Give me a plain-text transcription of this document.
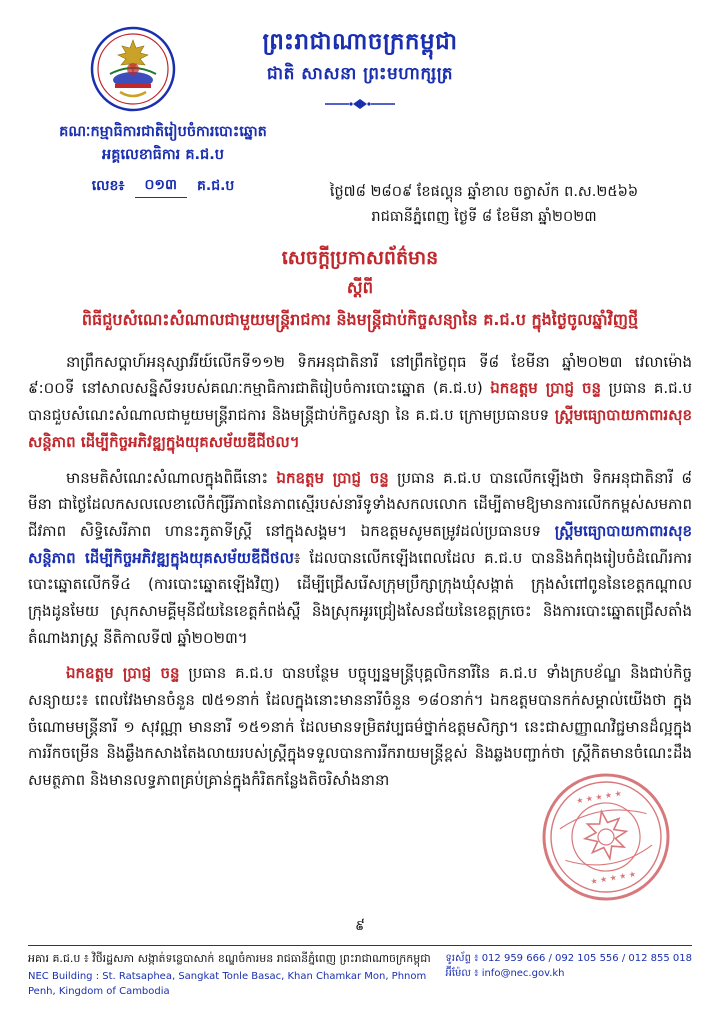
ព្រះរាជាណាចក្រកម្ពុជា
ជាតិ សាសនា ព្រះមហាក្សត្រ
គណៈកម្មាធិការជាតិរៀបចំការបោះឆ្នោត
អគ្គលេខាធិការ គ.ជ.ប
លេខ៖	០១៣	គ.ជ.ប	ថ្ងៃ៧៨ ២៨០៩ ខែផល្គុន ឆ្នាំខាល ចត្វាស័ក ព.ស.២៥៦៦
រាជធានីភ្នំពេញ ថ្ងៃទី ៨ ខែមីនា ឆ្នាំ២០២៣
សេចក្តីប្រកាសព័ត៌មាន
ស្តីពី
ពិធីជួបសំណេះសំណាលជាមួយមន្ត្រីរាជការ និងមន្ត្រីជាប់កិច្ចសន្យានៃ គ.ជ.ប ក្នុងថ្ងៃចូលឆ្នាំវិញថ្មី

នាព្រឹកសប្តាហ៍អនុស្សាវរីយ៍លើកទី១១២ ទិកអនុជាតិនារី នៅព្រឹកថ្ងៃពុធ ទី៨ ខែមីនា ឆ្នាំ២០២៣ វេលាម៉ោង ៩:០០ទី នៅសាលសន្និសីទរបស់គណៈកម្មាធិការជាតិរៀបចំការបោះឆ្នោត (គ.ជ.ប) ឯកឧត្តម ប្រាជ្ញ ចន្ទ ប្រធាន គ.ជ.ប បានជួបសំណេះសំណាលជាមួយមន្ត្រីរាជការ និងមន្ត្រីជាប់កិច្ចសន្យា នៃ គ.ជ.ប ក្រោមប្រធានបទ ស្ត្រីមធ្យោបាយកាពារសុខសន្តិភាព ដើម្បីកិច្ចអភិវឌ្ឍក្នុងយុគសម័យឌីជីថល។

មានមតិសំណេះសំណាលក្នុងពិធីនោះ ឯកឧត្តម ប្រាជ្ញ ចន្ទ ប្រធាន គ.ជ.ប បានលើកឡើងថា ទិកអនុជាតិនារី ៨ មីនា ជាថ្ងៃដែលកសលលេខាលើកំព្សីរីភាពនៃភាពស្មើរបស់នារីទូទាំងសកលលោក ដើម្បីតាមឱ្យមានការលើកកម្ពស់សមភាពជីវភាព សិទ្ធិសេរីភាព ហានះភូតាទីស្ត្រី នៅក្នុងសង្គម។ ឯកឧត្តមសូមតម្រូវដល់ប្រធានបទ ស្ត្រីមធ្យោបាយកាពារសុខសន្តិភាព ដើម្បីកិច្ចអភិវឌ្ឍក្នុងយុគសម័យឌីជីថល៖ ដែលបានលើកឡើងពេលដែល គ.ជ.ប បាននិងកំពុងរៀបចំដំណើរការបោះឆ្នោតលើកទី៤ (ការបោះឆ្នោតឡើងវិញ) ដើម្បីជ្រើសរើសក្រុមប្រឹក្សាក្រុងឃុំសង្កាត់ ក្រុងសំពៅពូននៃខេត្តកណ្តាល ក្រុងដូនមែយ ស្រុកសាមគ្គីមុនីជ័យនៃខេត្តកំពង់ស្ពឺ និងស្រុកអូរជ្រៀងសែនជ័យនៃខេត្តក្រចេះ និងការបោះឆ្នោតជ្រើសតាំងតំណាងរាស្ត្រ នីតិកាលទី៧ ឆ្នាំ២០២៣។

ឯកឧត្តម ប្រាជ្ញ ចន្ទ ប្រធាន គ.ជ.ប បានបន្ថែម បច្ចុប្បន្នមន្ត្រីបុគ្គលិកនារីនៃ គ.ជ.ប ទាំងក្របខ័ណ្ឌ និងជាប់កិច្ចសន្យាយះ៖ ពេលវែងមានចំនួន ៧៥១នាក់ ដែលក្នុងនោះមាននារីចំនួន ១៨០នាក់។ ឯកឧត្តមបានកក់សម្គាល់យើងថា ក្នុងចំណោមមន្ត្រីនារី ១ សុវណ្ណា មាននារី ១៥១នាក់ ដែលមានទម្រិតវប្បធម៌ថ្នាក់ឧត្តមសិក្សា។ នេះជាសញ្ញាណវិជ្ជមានដ៏ល្អក្នុងការរីកចម្រើន និងឆ្ងឹងកសាងតែងលាយរបស់ស្ត្រីក្នុងទទួលបានការរីករាយមន្ត្រីខ្ពស់ និងឆ្លងបញ្ជាក់ថា ស្ត្រីកិតមានចំណេះដឹង សមត្ថភាព និងមានលទ្ធភាពគ្រប់គ្រាន់ក្នុងកំរិតកន្លែងតិចរិសាំងនានា

★ ★ ★ ★ ★
★ ★ ★ ★ ★
៩
អគារ គ.ជ.ប ៖ វិថីរដ្ឋសភា សង្កាត់ទន្លេបាសាក់ ខណ្ឌចំការមន រាជធានីភ្នំពេញ ព្រះរាជាណាចក្រកម្ពុជា
NEC Building : St. Ratsaphea, Sangkat Tonle Basac, Khan Chamkar Mon, Phnom Penh, Kingdom of Cambodia
ទូរស័ព្ទ ៖ 012 959 666 / 092 105 556 / 012 855 018
អ៊ីម៉ែល ៖ info@nec.gov.kh
